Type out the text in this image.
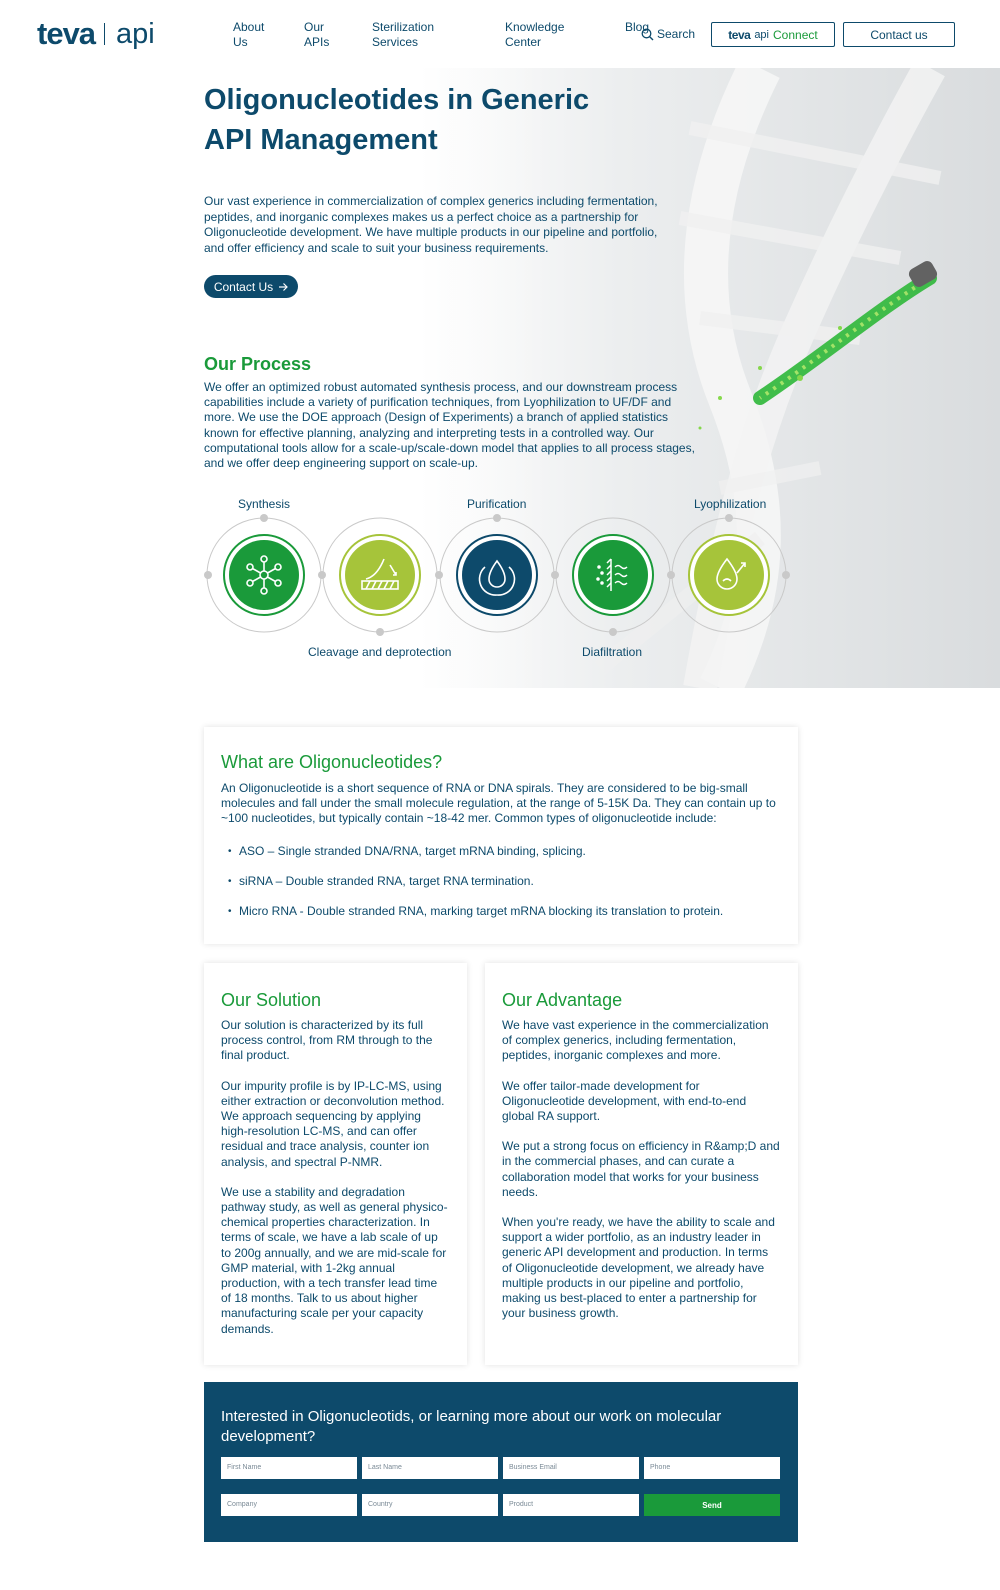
teva api	About Us
Our APIs
Sterilization Services
Knowledge Center
Blog Search	teva api Connect	Contact us
Oligonucleotides in Generic API Management

Our vast experience in commercialization of complex generics including fermentation, peptides, and inorganic complexes makes us a perfect choice as a partnership for Oligonucleotide development. We have multiple products in our pipeline and portfolio, and offer efficiency and scale to suit your business requirements.

Contact Us
Our Process

We offer an optimized robust automated synthesis process, and our downstream process capabilities include a variety of purification techniques, from Lyophilization to UF/DF and more. We use the DOE approach (Design of Experiments) a branch of applied statistics known for effective planning, analyzing and interpreting tests in a controlled way. Our computational tools allow for a scale-up/scale-down model that applies to all process stages, and we offer deep engineering support on scale-up.

Synthesis
Cleavage and deprotection
Purification
Diafiltration
Lyophilization
What are Oligonucleotides?

An Oligonucleotide is a short sequence of RNA or DNA spirals. They are considered to be big-small molecules and fall under the small molecule regulation, at the range of 5-15K Da. They can contain up to ~100 nucleotides, but typically contain ~18-42 mer. Common types of oligonucleotide include:

• ASO – Single stranded DNA/RNA, target mRNA binding, splicing.
• siRNA – Double stranded RNA, target RNA termination.
• Micro RNA - Double stranded RNA, marking target mRNA blocking its translation to protein.
Our Solution

Our solution is characterized by its full process control, from RM through to the final product.

Our impurity profile is by IP-LC-MS, using either extraction or deconvolution method. We approach sequencing by applying high-resolution LC-MS, and can offer residual and trace analysis, counter ion analysis, and spectral P-NMR.

We use a stability and degradation pathway study, as well as general physico-chemical properties characterization. In terms of scale, we have a lab scale of up to 200g annually, and we are mid-scale for GMP material, with 1-2kg annual production, with a tech transfer lead time of 18 months. Talk to us about higher manufacturing scale per your capacity demands.

Our Advantage

We have vast experience in the commercialization of complex generics, including fermentation, peptides, inorganic complexes and more.

We offer tailor-made development for Oligonucleotide development, with end-to-end global RA support.

We put a strong focus on efficiency in R&amp;D and in the commercial phases, and can curate a collaboration model that works for your business needs.

When you're ready, we have the ability to scale and support a wider portfolio, as an industry leader in generic API development and production. In terms of Oligonucleotide development, we already have multiple products in our pipeline and portfolio, making us best-placed to enter a partnership for your business growth.

Interested in Oligonucleotids, or learning more about our work on molecular development?
First Name	Last Name	Business Email	Phone
Company	Country	Product	Send
